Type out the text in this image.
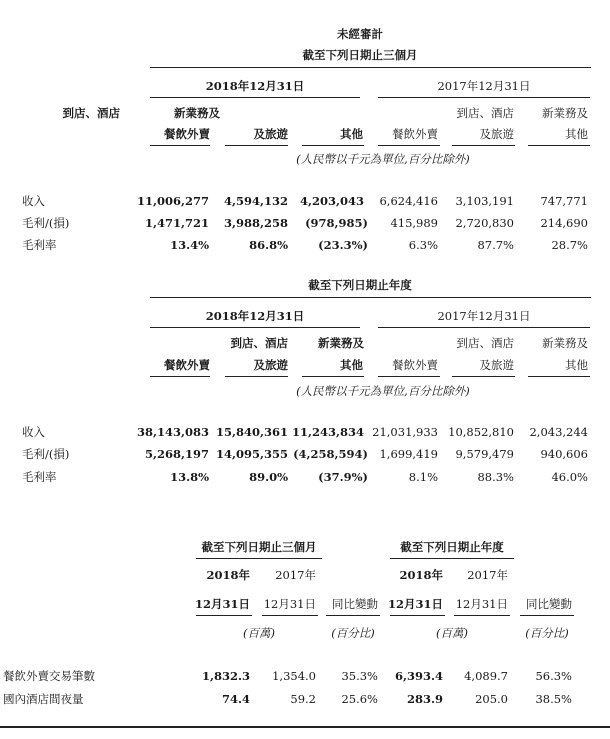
未經審計
截至下列日期止三個月
2018年12月31日	2017年12月31日
到店、酒店	新業務及	到店、酒店 新業務及
餐飲外賣	及旅遊	其他	餐飲外賣	及旅遊	其他
(人民幣以千元為單位,百分比除外)
收入	11,006,277 4,594,132 4,203,043 6,624,416 3,103,191 747,771
毛利/(損)	1,471,721 3,988,258 (978,985) 415,989 2,720,830 214,690
毛利率	13.4%	86.8%	(23.3%)	6.3%	87.7%	28.7%
截至下列日期止年度
2018年12月31日	2017年12月31日
到店、酒店	新業務及	到店、酒店 新業務及
餐飲外賣	及旅遊	其他	餐飲外賣	及旅遊	其他
(人民幣以千元為單位,百分比除外)
收入	38,143,083 15,840,361 11,243,834 21,031,933 10,852,810 2,043,244
毛利/(損)	5,268,197 14,095,355 (4,258,594) 1,699,419 9,579,479 940,606
毛利率	13.8%	89.0%	(37.9%)	8.1%	88.3%	46.0%
截至下列日期止三個月	截至下列日期止年度
2018年 2017年	2018年 2017年
12月31日 12月31日 同比變動 12月31日 12月31日 同比變動
(百萬)	(百分比)	(百萬)	(百分比)
餐飲外賣交易筆數	1,832.3 1,354.0 35.3% 6,393.4 4,089.7 56.3%
國內酒店間夜量	74.4	59.2 25.6%	283.9	205.0 38.5%
